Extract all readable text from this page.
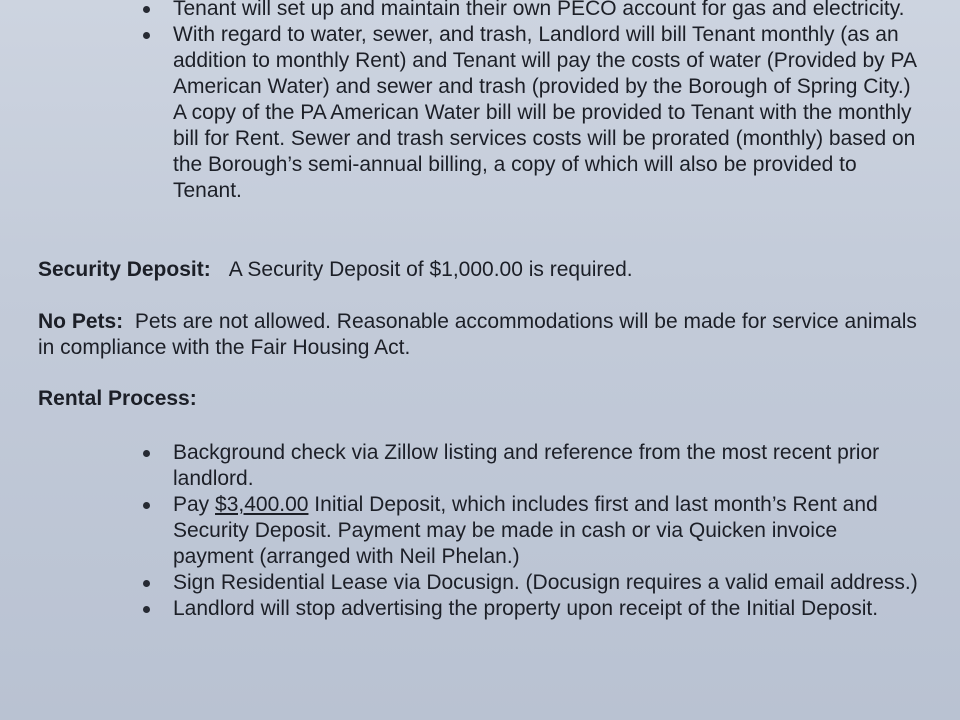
Tenant will set up and maintain their own PECO account for gas and electricity.
With regard to water, sewer, and trash, Landlord will bill Tenant monthly (as an addition to monthly Rent) and Tenant will pay the costs of water (Provided by PA American Water) and sewer and trash (provided by the Borough of Spring City.) A copy of the PA American Water bill will be provided to Tenant with the monthly bill for Rent. Sewer and trash services costs will be prorated (monthly) based on the Borough’s semi-annual billing, a copy of which will also be provided to Tenant.
Security Deposit: A Security Deposit of $1,000.00 is required.
No Pets: Pets are not allowed. Reasonable accommodations will be made for service animals in compliance with the Fair Housing Act.
Rental Process:
Background check via Zillow listing and reference from the most recent prior landlord.
Pay $3,400.00 Initial Deposit, which includes first and last month’s Rent and Security Deposit. Payment may be made in cash or via Quicken invoice payment (arranged with Neil Phelan.)
Sign Residential Lease via Docusign. (Docusign requires a valid email address.)
Landlord will stop advertising the property upon receipt of the Initial Deposit.
